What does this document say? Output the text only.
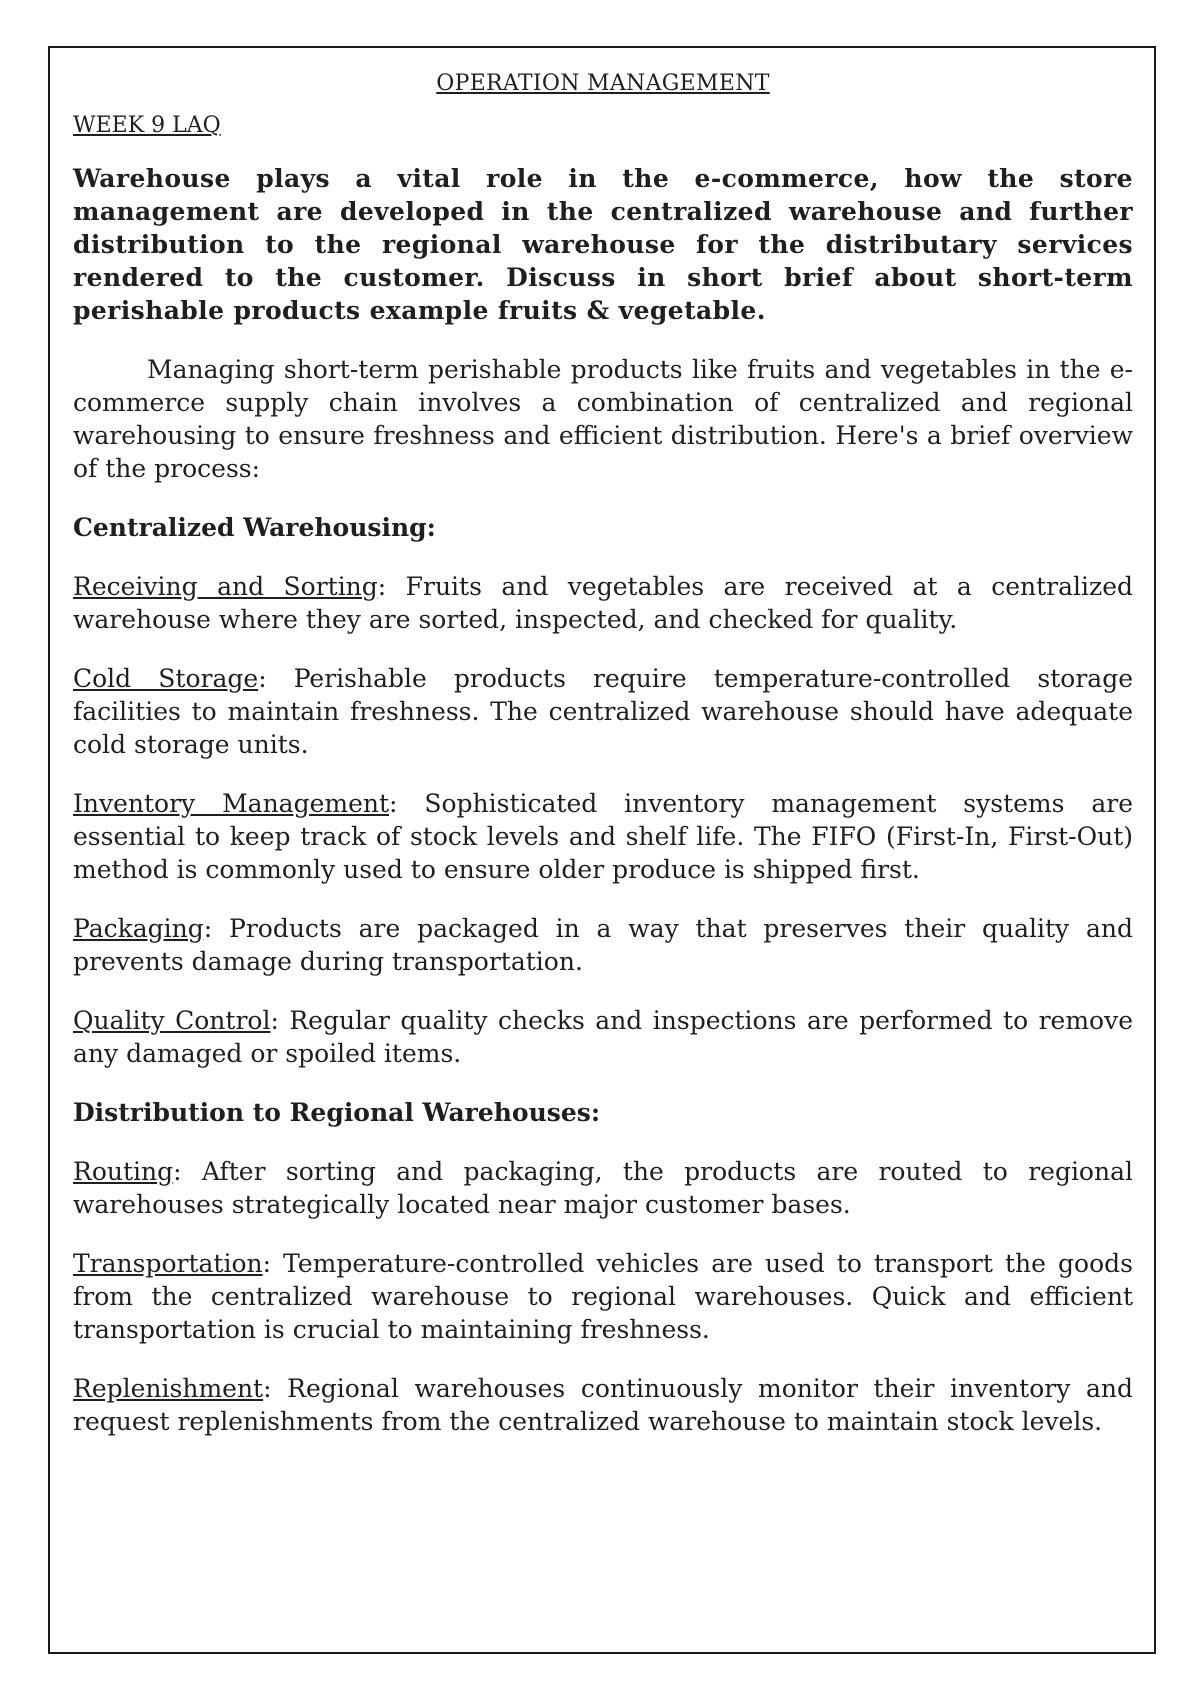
OPERATION MANAGEMENT
WEEK 9 LAQ

Warehouse plays a vital role in the e-commerce, how the store management are developed in the centralized warehouse and further distribution to the regional warehouse for the distributary services rendered to the customer. Discuss in short brief about short-term perishable products example fruits & vegetable.

Managing short-term perishable products like fruits and vegetables in the e-commerce supply chain involves a combination of centralized and regional warehousing to ensure freshness and efficient distribution. Here's a brief overview of the process:

Centralized Warehousing:

Receiving and Sorting: Fruits and vegetables are received at a centralized warehouse where they are sorted, inspected, and checked for quality.

Cold Storage: Perishable products require temperature-controlled storage facilities to maintain freshness. The centralized warehouse should have adequate cold storage units.

Inventory Management: Sophisticated inventory management systems are essential to keep track of stock levels and shelf life. The FIFO (First-In, First-Out) method is commonly used to ensure older produce is shipped first.

Packaging: Products are packaged in a way that preserves their quality and prevents damage during transportation.

Quality Control: Regular quality checks and inspections are performed to remove any damaged or spoiled items.

Distribution to Regional Warehouses:

Routing: After sorting and packaging, the products are routed to regional warehouses strategically located near major customer bases.

Transportation: Temperature-controlled vehicles are used to transport the goods from the centralized warehouse to regional warehouses. Quick and efficient transportation is crucial to maintaining freshness.

Replenishment: Regional warehouses continuously monitor their inventory and request replenishments from the centralized warehouse to maintain stock levels.
